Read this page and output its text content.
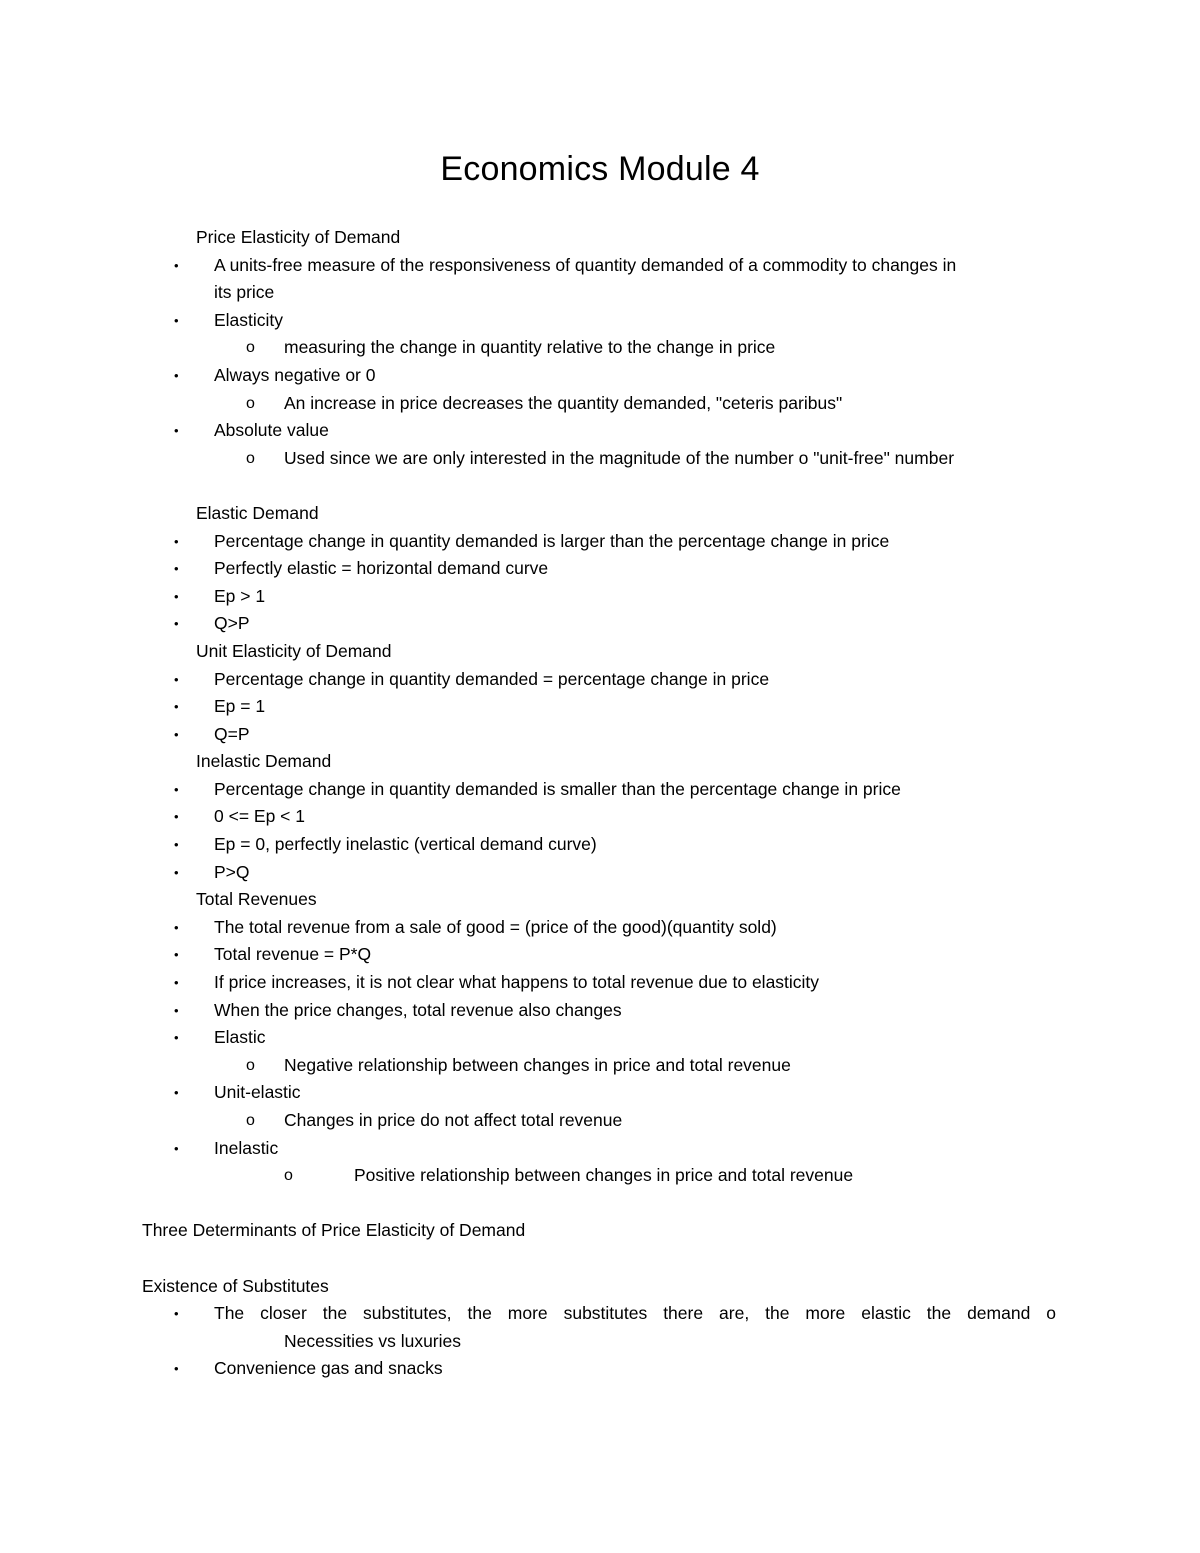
Economics Module 4
Price Elasticity of Demand
• A units-free measure of the responsiveness of quantity demanded of a commodity to changes in
its price
• Elasticity
o measuring the change in quantity relative to the change in price
• Always negative or 0
o An increase in price decreases the quantity demanded, "ceteris paribus"
• Absolute value
o Used since we are only interested in the magnitude of the number o "unit-free" number
Elastic Demand
• Percentage change in quantity demanded is larger than the percentage change in price
• Perfectly elastic = horizontal demand curve
• Ep > 1
• Q>P
Unit Elasticity of Demand
• Percentage change in quantity demanded = percentage change in price
• Ep = 1
• Q=P
Inelastic Demand
• Percentage change in quantity demanded is smaller than the percentage change in price
• 0 <= Ep < 1
• Ep = 0, perfectly inelastic (vertical demand curve)
• P>Q
Total Revenues
• The total revenue from a sale of good = (price of the good)(quantity sold)
• Total revenue = P*Q
• If price increases, it is not clear what happens to total revenue due to elasticity
• When the price changes, total revenue also changes
• Elastic
o Negative relationship between changes in price and total revenue
• Unit-elastic
o Changes in price do not affect total revenue
• Inelastic
o	Positive relationship between changes in price and total revenue
Three Determinants of Price Elasticity of Demand
Existence of Substitutes
• The closer the substitutes, the more substitutes there are, the more elastic the demand o
Necessities vs luxuries
• Convenience gas and snacks
